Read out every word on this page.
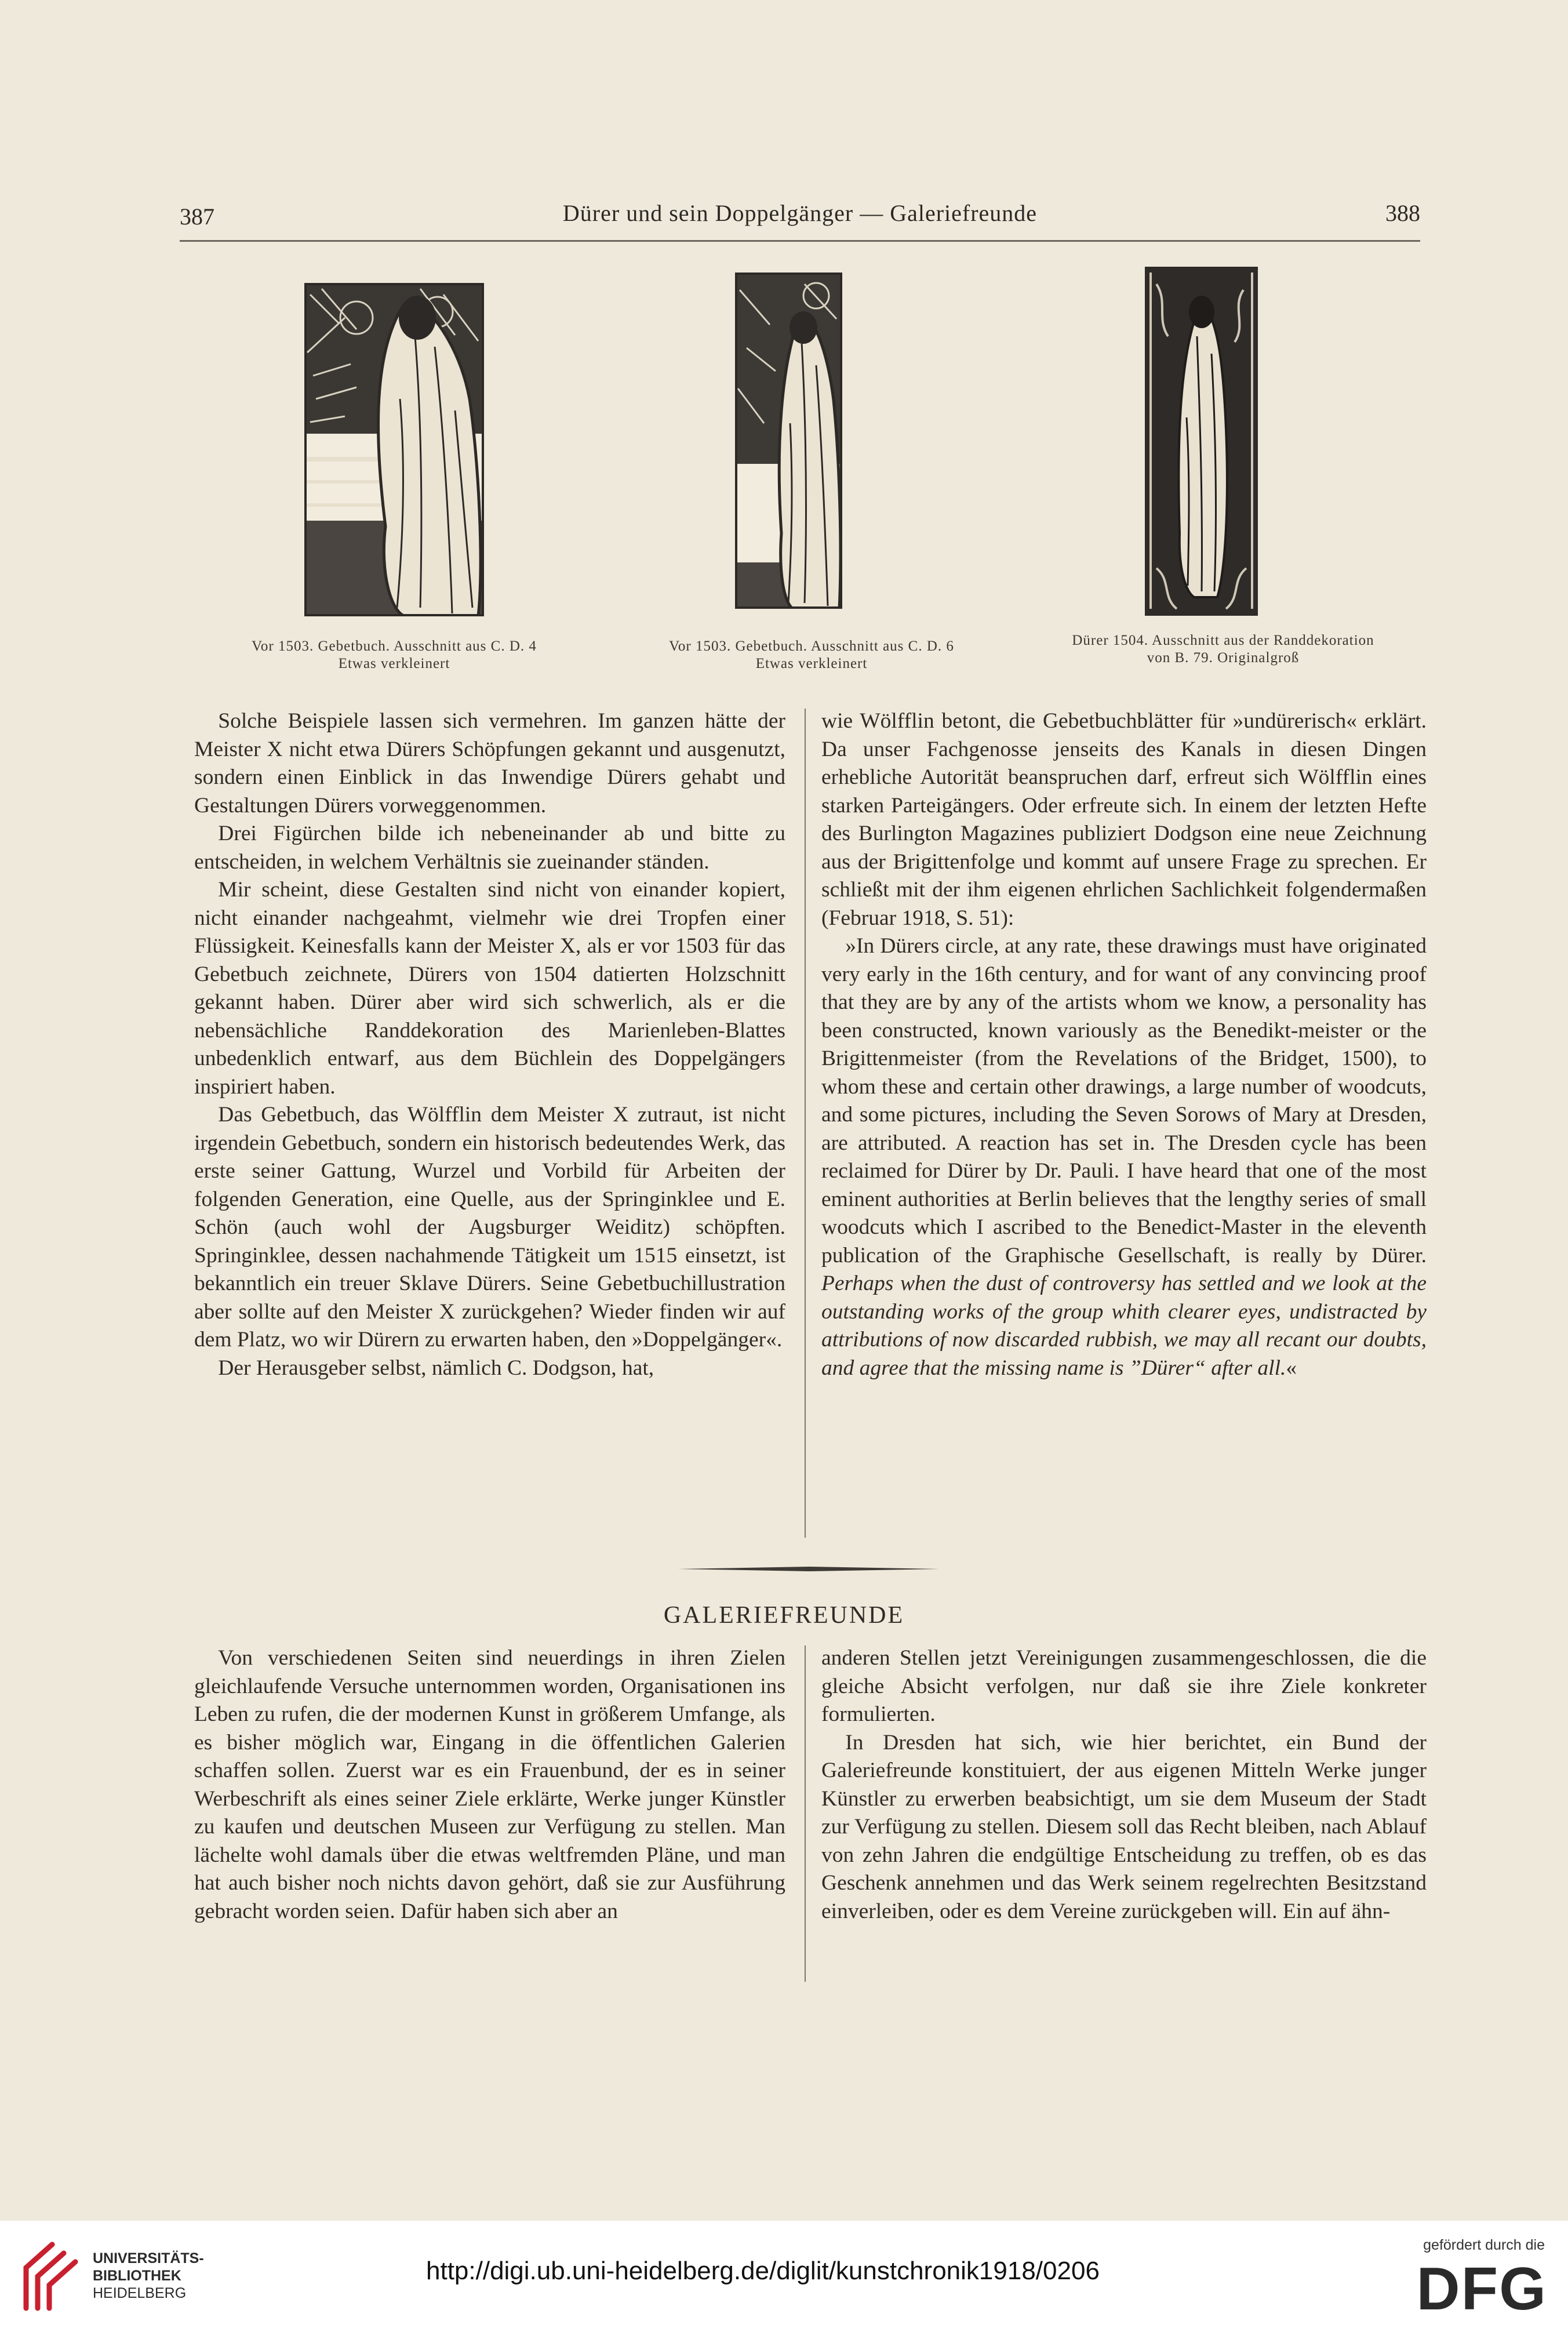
387	Dürer und sein Doppelgänger — Galeriefreunde	388
Vor 1503. Gebetbuch. Ausschnitt aus C. D. 4
Etwas verkleinert
Vor 1503. Gebetbuch. Ausschnitt aus C. D. 6
Etwas verkleinert
Dürer 1504. Ausschnitt aus der Randdekoration
von B. 79. Originalgroß

Solche Beispiele lassen sich vermehren. Im ganzen hätte der Meister X nicht etwa Dürers Schöpfungen gekannt und ausgenutzt, sondern einen Einblick in das Inwendige Dürers gehabt und Gestaltungen Dürers vorweggenommen.

Drei Figürchen bilde ich nebeneinander ab und bitte zu entscheiden, in welchem Verhältnis sie zueinander ständen.

Mir scheint, diese Gestalten sind nicht von einander kopiert, nicht einander nachgeahmt, vielmehr wie drei Tropfen einer Flüssigkeit. Keinesfalls kann der Meister X, als er vor 1503 für das Gebetbuch zeichnete, Dürers von 1504 datierten Holzschnitt gekannt haben. Dürer aber wird sich schwerlich, als er die nebensächliche Randdekoration des Marienleben-Blattes unbedenklich entwarf, aus dem Büchlein des Doppelgängers inspiriert haben.

Das Gebetbuch, das Wölfflin dem Meister X zutraut, ist nicht irgendein Gebetbuch, sondern ein historisch bedeutendes Werk, das erste seiner Gattung, Wurzel und Vorbild für Arbeiten der folgenden Generation, eine Quelle, aus der Springinklee und E. Schön (auch wohl der Augsburger Weiditz) schöpften. Springinklee, dessen nachahmende Tätigkeit um 1515 einsetzt, ist bekanntlich ein treuer Sklave Dürers. Seine Gebetbuchillustration aber sollte auf den Meister X zurückgehen? Wieder finden wir auf dem Platz, wo wir Dürern zu erwarten haben, den »Doppelgänger«.

Der Herausgeber selbst, nämlich C. Dodgson, hat,

wie Wölfflin betont, die Gebetbuchblätter für »undürerisch« erklärt. Da unser Fachgenosse jenseits des Kanals in diesen Dingen erhebliche Autorität beanspruchen darf, erfreut sich Wölfflin eines starken Parteigängers. Oder erfreute sich. In einem der letzten Hefte des Burlington Magazines publiziert Dodgson eine neue Zeichnung aus der Brigittenfolge und kommt auf unsere Frage zu sprechen. Er schließt mit der ihm eigenen ehrlichen Sachlichkeit folgendermaßen (Februar 1918, S. 51):

»In Dürers circle, at any rate, these drawings must have originated very early in the 16th century, and for want of any convincing proof that they are by any of the artists whom we know, a personality has been constructed, known variously as the Benedikt-meister or the Brigittenmeister (from the Revelations of the Bridget, 1500), to whom these and certain other drawings, a large number of woodcuts, and some pictures, including the Seven Sorows of Mary at Dresden, are attributed. A reaction has set in. The Dresden cycle has been reclaimed for Dürer by Dr. Pauli. I have heard that one of the most eminent authorities at Berlin believes that the lengthy series of small woodcuts which I ascribed to the Benedict-Master in the eleventh publication of the Graphische Gesellschaft, is really by Dürer. Perhaps when the dust of controversy has settled and we look at the outstanding works of the group whith clearer eyes, undistracted by attributions of now discarded rubbish, we may all recant our doubts, and agree that the missing name is ”Dürer“ after all.«

GALERIEFREUNDE

Von verschiedenen Seiten sind neuerdings in ihren Zielen gleichlaufende Versuche unternommen worden, Organisationen ins Leben zu rufen, die der modernen Kunst in größerem Umfange, als es bisher möglich war, Eingang in die öffentlichen Galerien schaffen sollen. Zuerst war es ein Frauenbund, der es in seiner Werbeschrift als eines seiner Ziele erklärte, Werke junger Künstler zu kaufen und deutschen Museen zur Verfügung zu stellen. Man lächelte wohl damals über die etwas weltfremden Pläne, und man hat auch bisher noch nichts davon gehört, daß sie zur Ausführung gebracht worden seien. Dafür haben sich aber an

anderen Stellen jetzt Vereinigungen zusammengeschlossen, die die gleiche Absicht verfolgen, nur daß sie ihre Ziele konkreter formulierten.

In Dresden hat sich, wie hier berichtet, ein Bund der Galeriefreunde konstituiert, der aus eigenen Mitteln Werke junger Künstler zu erwerben beabsichtigt, um sie dem Museum der Stadt zur Verfügung zu stellen. Diesem soll das Recht bleiben, nach Ablauf von zehn Jahren die endgültige Entscheidung zu treffen, ob es das Geschenk annehmen und das Werk seinem regelrechten Besitzstand einverleiben, oder es dem Vereine zurückgeben will. Ein auf ähn-

UNIVERSITÄTS-
BIBLIOTHEK
HEIDELBERG
http://digi.ub.uni-heidelberg.de/diglit/kunstchronik1918/0206
gefördert durch die
DFG
